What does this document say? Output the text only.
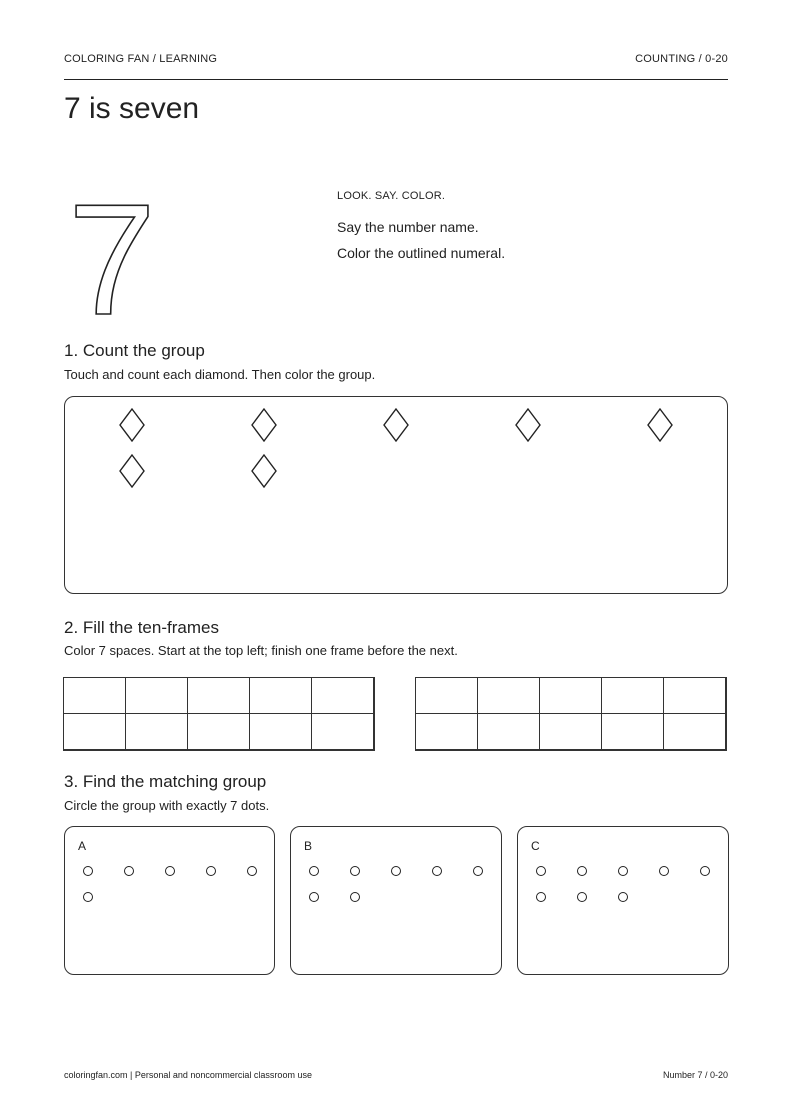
COLORING FAN / LEARNING	COUNTING / 0-20
7 is seven
7	LOOK. SAY. COLOR.
Say the number name.
Color the outlined numeral.
1. Count the group
Touch and count each diamond. Then color the group.
2. Fill the ten-frames
Color 7 spaces. Start at the top left; finish one frame before the next.

3. Find the matching group
Circle the group with exactly 7 dots.
A	B	C
coloringfan.com | Personal and noncommercial classroom use	Number 7 / 0-20
